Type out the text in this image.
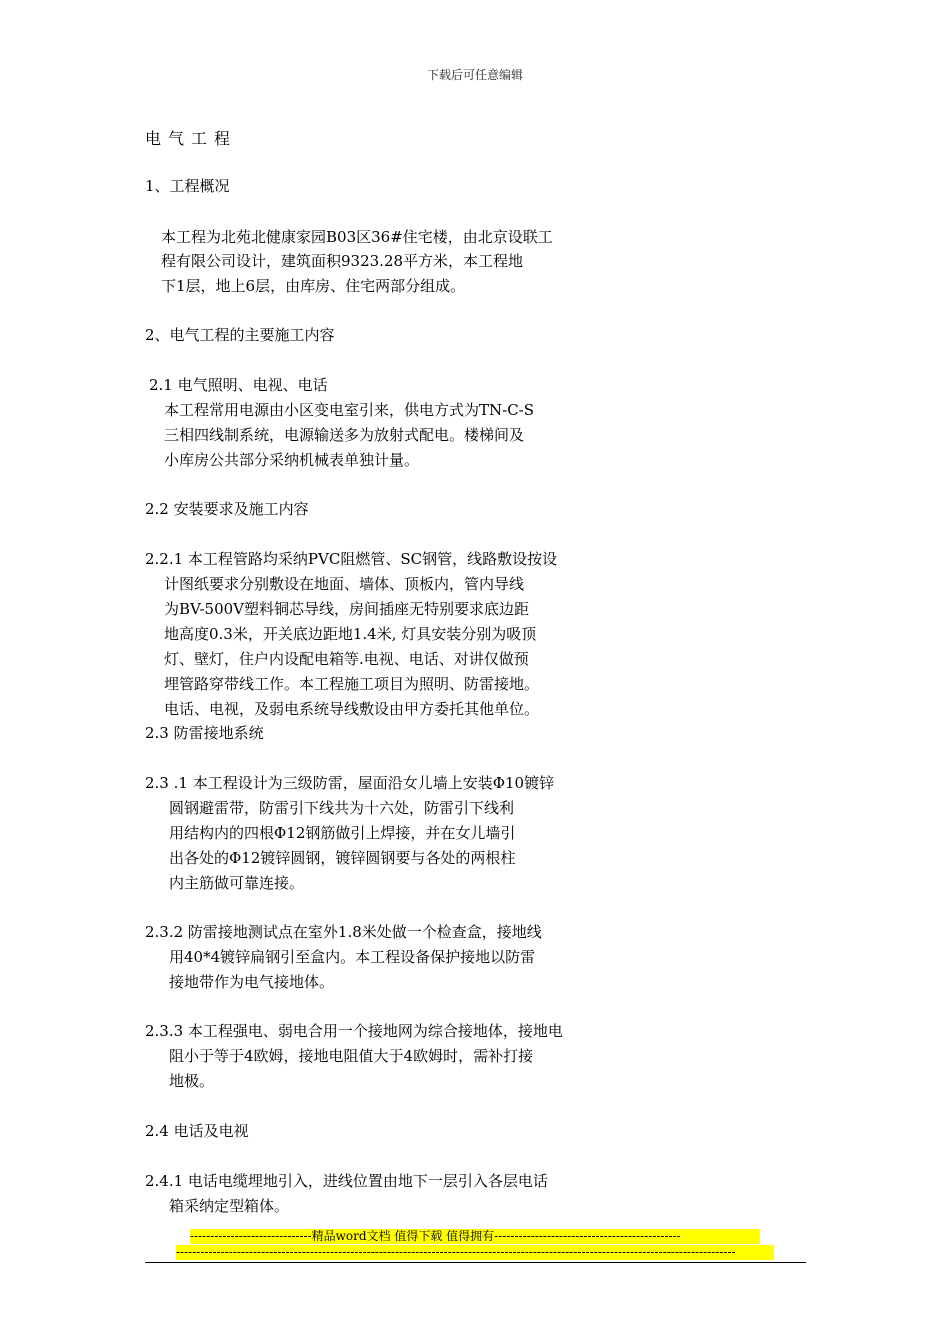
下载后可任意编辑
电气工程
1、工程概况
本工程为北苑北健康家园B03区36#住宅楼，由北京设联工
程有限公司设计，建筑面积9323.28平方米，本工程地
下1层，地上6层，由库房、住宅两部分组成。
2、电气工程的主要施工内容
2.1 电气照明、电视、电话
本工程常用电源由小区变电室引来，供电方式为TN-C-S
三相四线制系统，电源输送多为放射式配电。楼梯间及
小库房公共部分采纳机械表单独计量。
2.2 安装要求及施工内容
2.2.1 本工程管路均采纳PVC阻燃管、SC钢管，线路敷设按设
计图纸要求分别敷设在地面、墙体、顶板内，管内导线
为BV-500V塑料铜芯导线，房间插座无特别要求底边距
地高度0.3米，开关底边距地1.4米, 灯具安装分别为吸顶
灯、壁灯，住户内设配电箱等.电视、电话、对讲仅做预
埋管路穿带线工作。本工程施工项目为照明、防雷接地。
电话、电视，及弱电系统导线敷设由甲方委托其他单位。
2.3 防雷接地系统
2.3 .1 本工程设计为三级防雷，屋面沿女儿墙上安装Φ10镀锌
圆钢避雷带，防雷引下线共为十六处，防雷引下线利
用结构内的四根Φ12钢筋做引上焊接，并在女儿墙引
出各处的Φ12镀锌圆钢，镀锌圆钢要与各处的两根柱
内主筋做可靠连接。
2.3.2 防雷接地测试点在室外1.8米处做一个检查盒，接地线
用40*4镀锌扁钢引至盒内。本工程设备保护接地以防雷
接地带作为电气接地体。
2.3.3 本工程强电、弱电合用一个接地网为综合接地体，接地电
阻小于等于4欧姆，接地电阻值大于4欧姆时，需补打接
地极。
2.4 电话及电视
2.4.1 电话电缆埋地引入，进线位置由地下一层引入各层电话
箱采纳定型箱体。
------------------------------精品word文档 值得下载 值得拥有----------------------------------------------
------------------------------------------------------------------------------------------------------------------------------------------
